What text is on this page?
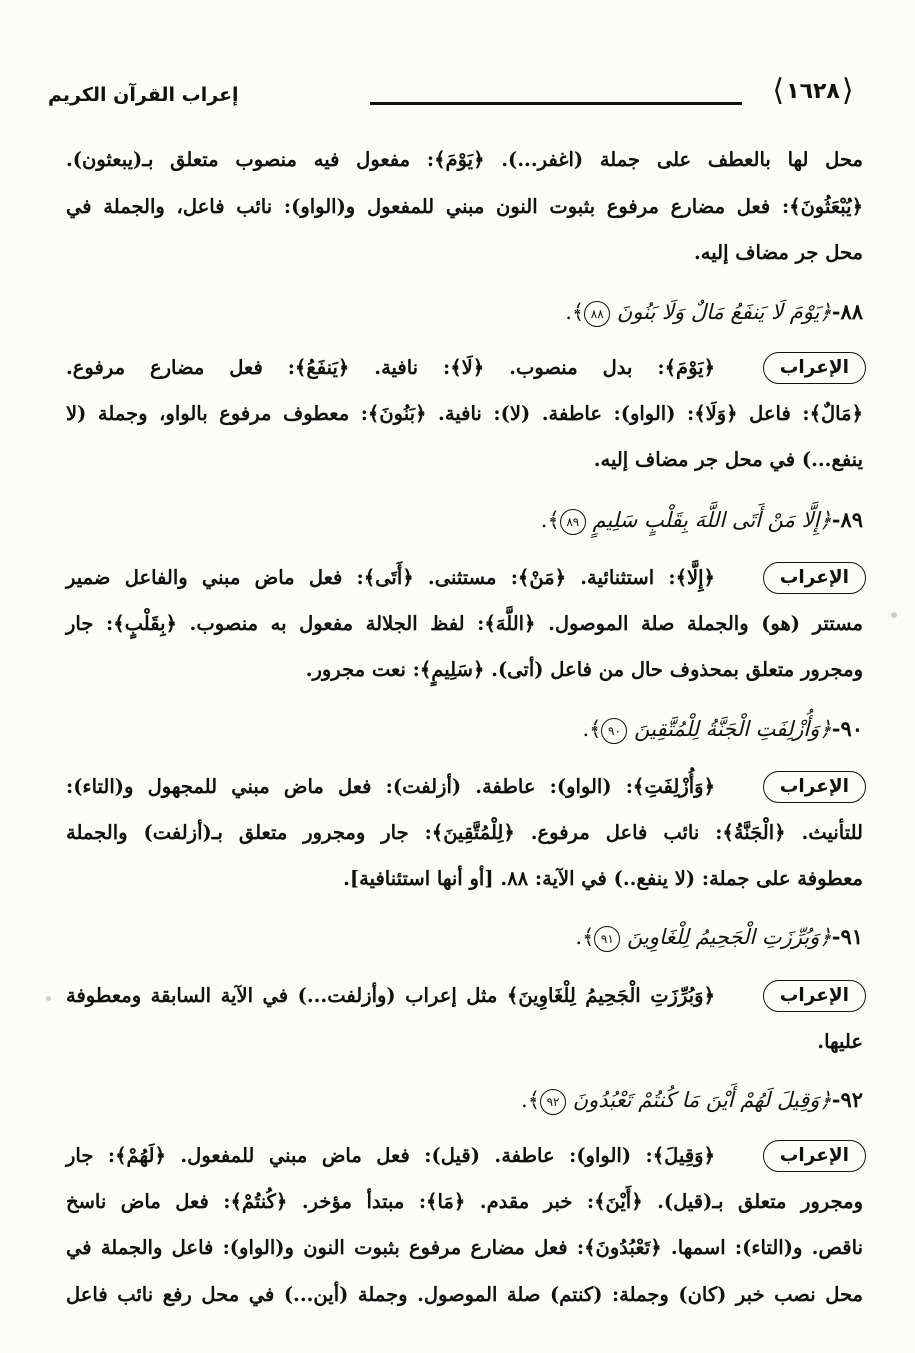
إعراب القرآن الكريم	⟨ ١٦٢٨ ⟩
محل لها بالعطف على جملة (اغفر...). ﴿يَوْمَ﴾: مفعول فيه منصوب متعلق بـ(يبعثون).
﴿يُبْعَثُونَ﴾: فعل مضارع مرفوع بثبوت النون مبني للمفعول و(الواو): نائب فاعل، والجملة في
محل جر مضاف إليه.
٨٨-﴿يَوْمَ لَا يَنفَعُ مَالٌ وَلَا بَنُونَ ٨٨﴾.
الإعراب
﴿يَوْمَ﴾: بدل منصوب. ﴿لَا﴾: نافية. ﴿يَنفَعُ﴾: فعل مضارع مرفوع.
﴿مَالٌ﴾: فاعل ﴿وَلَا﴾: (الواو): عاطفة. (لا): نافية. ﴿بَنُونَ﴾: معطوف مرفوع بالواو، وجملة (لا
ينفع...) في محل جر مضاف إليه.
٨٩-﴿إِلَّا مَنْ أَتَى اللَّهَ بِقَلْبٍ سَلِيمٍ ٨٩﴾.
الإعراب
﴿إِلَّا﴾: استثنائية. ﴿مَنْ﴾: مستثنى. ﴿أَتَى﴾: فعل ماض مبني والفاعل ضمير
مستتر (هو) والجملة صلة الموصول. ﴿اللَّهَ﴾: لفظ الجلالة مفعول به منصوب. ﴿بِقَلْبٍ﴾: جار
ومجرور متعلق بمحذوف حال من فاعل (أتى). ﴿سَلِيمٍ﴾: نعت مجرور.
٩٠-﴿وَأُزْلِفَتِ الْجَنَّةُ لِلْمُتَّقِينَ ٩٠﴾.
الإعراب
﴿وَأُزْلِفَتِ﴾: (الواو): عاطفة. (أزلفت): فعل ماض مبني للمجهول و(التاء):
للتأنيث. ﴿الْجَنَّةُ﴾: نائب فاعل مرفوع. ﴿لِلْمُتَّقِينَ﴾: جار ومجرور متعلق بـ(أزلفت) والجملة
معطوفة على جملة: (لا ينفع..) في الآية: ٨٨. [أو أنها استئنافية].
٩١-﴿وَبُرِّزَتِ الْجَحِيمُ لِلْغَاوِينَ ٩١﴾.
الإعراب
﴿وَبُرِّزَتِ الْجَحِيمُ لِلْغَاوِينَ﴾ مثل إعراب (وأزلفت...) في الآية السابقة ومعطوفة
عليها.
٩٢-﴿وَقِيلَ لَهُمْ أَيْنَ مَا كُنتُمْ تَعْبُدُونَ ٩٢﴾.
الإعراب
﴿وَقِيلَ﴾: (الواو): عاطفة. (قيل): فعل ماض مبني للمفعول. ﴿لَهُمْ﴾: جار
ومجرور متعلق بـ(قيل). ﴿أَيْنَ﴾: خبر مقدم. ﴿مَا﴾: مبتدأ مؤخر. ﴿كُنتُمْ﴾: فعل ماض ناسخ
ناقص. و(التاء): اسمها. ﴿تَعْبُدُونَ﴾: فعل مضارع مرفوع بثبوت النون و(الواو): فاعل والجملة في
محل نصب خبر (كان) وجملة: (كنتم) صلة الموصول. وجملة (أين...) في محل رفع نائب فاعل
